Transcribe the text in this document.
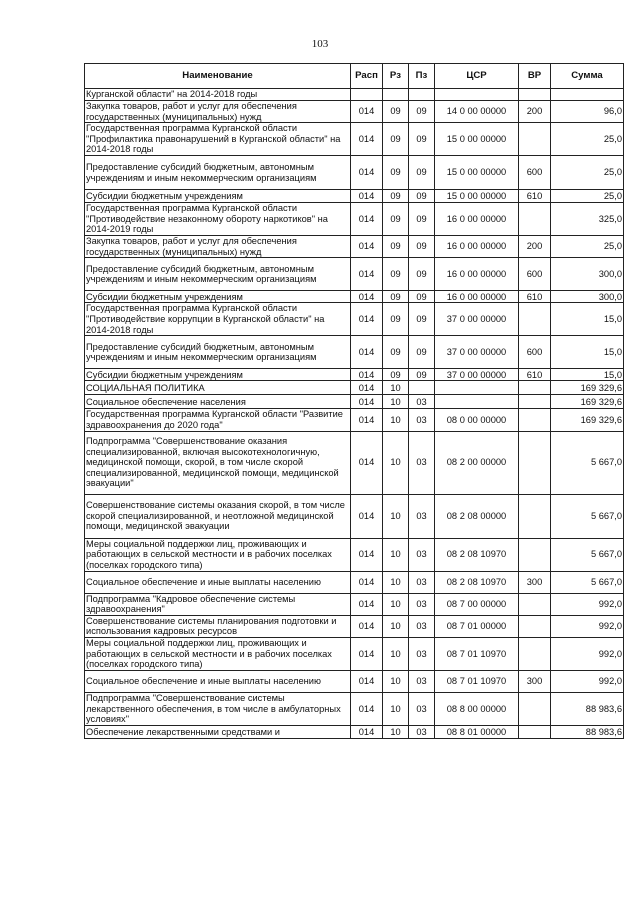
103
Наименование	Расп	Рз	Пз	ЦСР	ВР	Сумма
Курганской области" на 2014-2018 годы						
Закупка товаров, работ и услуг для обеспечения государственных (муниципальных) нужд	014	09	09	14 0 00 00000	200	96,0
Государственная программа Курганской области "Профилактика правонарушений в Курганской области" на 2014-2018 годы	014	09	09	15 0 00 00000		25,0
Предоставление субсидий бюджетным, автономным учреждениям и иным некоммерческим организациям	014	09	09	15 0 00 00000	600	25,0
Субсидии бюджетным учреждениям	014	09	09	15 0 00 00000	610	25,0
Государственная программа Курганской области "Противодействие незаконному обороту наркотиков" на 2014-2019 годы	014	09	09	16 0 00 00000		325,0
Закупка товаров, работ и услуг для обеспечения государственных (муниципальных) нужд	014	09	09	16 0 00 00000	200	25,0
Предоставление субсидий бюджетным, автономным учреждениям и иным некоммерческим организациям	014	09	09	16 0 00 00000	600	300,0
Субсидии бюджетным учреждениям	014	09	09	16 0 00 00000	610	300,0
Государственная программа Курганской области "Противодействие коррупции в Курганской области" на 2014-2018 годы	014	09	09	37 0 00 00000		15,0
Предоставление субсидий бюджетным, автономным учреждениям и иным некоммерческим организациям	014	09	09	37 0 00 00000	600	15,0
Субсидии бюджетным учреждениям	014	09	09	37 0 00 00000	610	15,0
СОЦИАЛЬНАЯ ПОЛИТИКА	014	10				169 329,6
Социальное обеспечение населения	014	10	03			169 329,6
Государственная программа Курганской области "Развитие здравоохранения до 2020 года"	014	10	03	08 0 00 00000		169 329,6
Подпрограмма "Совершенствование оказания специализированной, включая высокотехнологичную, медицинской помощи, скорой, в том числе скорой специализированной, медицинской помощи, медицинской эвакуации"	014	10	03	08 2 00 00000		5 667,0
Совершенствование системы оказания скорой, в том числе скорой специализированной, и неотложной медицинской помощи, медицинской эвакуации	014	10	03	08 2 08 00000		5 667,0
Меры социальной поддержки лиц, проживающих и работающих в сельской местности и в рабочих поселках (поселках городского типа)	014	10	03	08 2 08 10970		5 667,0
Социальное обеспечение и иные выплаты населению	014	10	03	08 2 08 10970	300	5 667,0
Подпрограмма "Кадровое обеспечение системы здравоохранения"	014	10	03	08 7 00 00000		992,0
Совершенствование системы планирования подготовки и использования кадровых ресурсов	014	10	03	08 7 01 00000		992,0
Меры социальной поддержки лиц, проживающих и работающих в сельской местности и в рабочих поселках (поселках городского типа)	014	10	03	08 7 01 10970		992,0
Социальное обеспечение и иные выплаты населению	014	10	03	08 7 01 10970	300	992,0
Подпрограмма "Совершенствование системы лекарственного обеспечения, в том числе в амбулаторных условиях"	014	10	03	08 8 00 00000		88 983,6
Обеспечение лекарственными средствами и	014	10	03	08 8 01 00000		88 983,6
